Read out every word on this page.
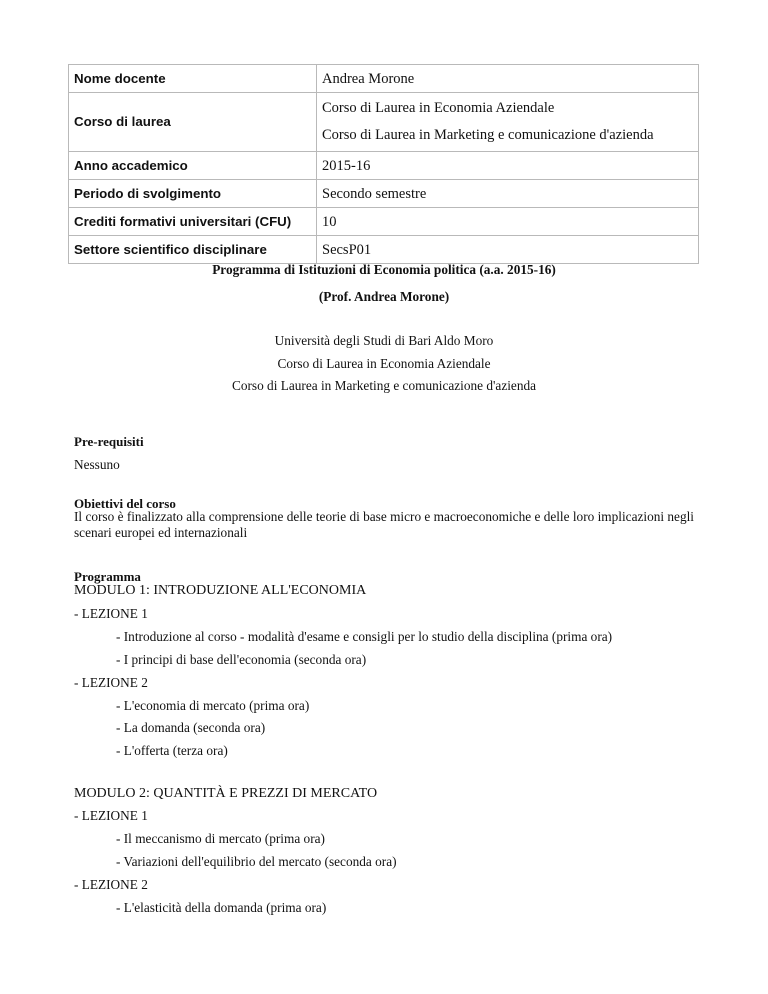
Nome docente	Andrea Morone
Corso di laurea	Corso di Laurea in Economia Aziendale
Corso di Laurea in Marketing e comunicazione d'azienda

Anno accademico	2015-16
Periodo di svolgimento	Secondo semestre
Crediti formativi universitari (CFU)	10
Settore scientifico disciplinare	SecsP01
Programma di Istituzioni di Economia politica (a.a. 2015-16)
(Prof. Andrea Morone)
Università degli Studi di Bari Aldo Moro
Corso di Laurea in Economia Aziendale
Corso di Laurea in Marketing e comunicazione d'azienda
Pre-requisiti
Nessuno
Obiettivi del corso
Il corso è finalizzato alla comprensione delle teorie di base micro e macroeconomiche e delle loro implicazioni negli scenari europei ed internazionali
Programma
MODULO 1: INTRODUZIONE ALL'ECONOMIA
- LEZIONE 1
- Introduzione al corso - modalità d'esame e consigli per lo studio della disciplina (prima ora)
- I principi di base dell'economia (seconda ora)
- LEZIONE 2
- L'economia di mercato (prima ora)
- La domanda (seconda ora)
- L'offerta (terza ora)
MODULO 2: QUANTITÀ E PREZZI DI MERCATO
- LEZIONE 1
- Il meccanismo di mercato (prima ora)
- Variazioni dell'equilibrio del mercato (seconda ora)
- LEZIONE 2
- L'elasticità della domanda (prima ora)
